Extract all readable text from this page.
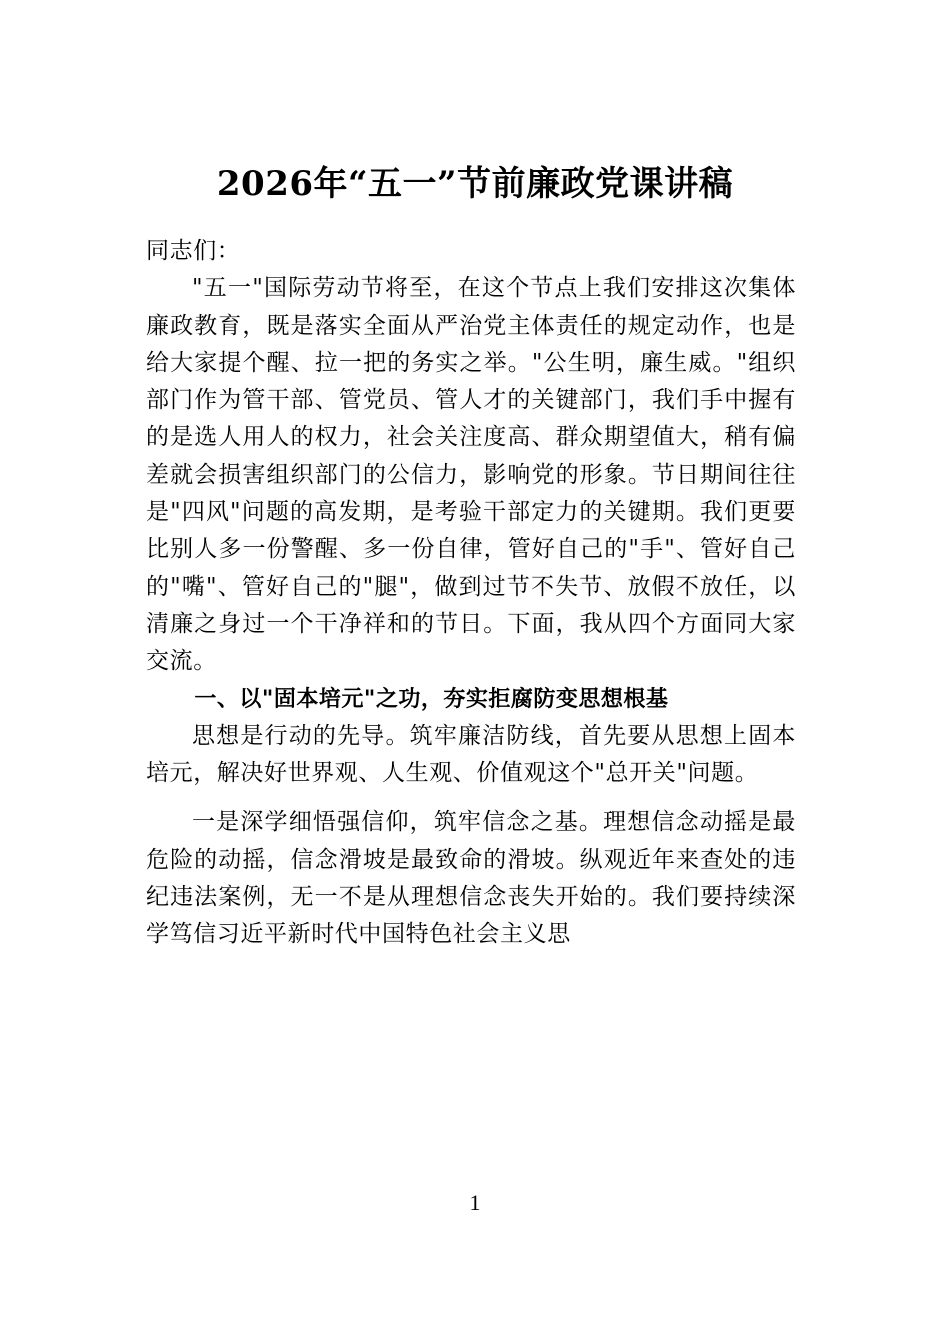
2026年“五一”节前廉政党课讲稿

同志们：

"五一"国际劳动节将至，在这个节点上我们安排这次集体廉政教育，既是落实全面从严治党主体责任的规定动作，也是给大家提个醒、拉一把的务实之举。"公生明，廉生威。"组织部门作为管干部、管党员、管人才的关键部门，我们手中握有的是选人用人的权力，社会关注度高、群众期望值大，稍有偏差就会损害组织部门的公信力，影响党的形象。节日期间往往是"四风"问题的高发期，是考验干部定力的关键期。我们更要比别人多一份警醒、多一份自律，管好自己的"手"、管好自己的"嘴"、管好自己的"腿"，做到过节不失节、放假不放任，以清廉之身过一个干净祥和的节日。下面，我从四个方面同大家交流。

一、以"固本培元"之功，夯实拒腐防变思想根基

思想是行动的先导。筑牢廉洁防线，首先要从思想上固本培元，解决好世界观、人生观、价值观这个"总开关"问题。

一是深学细悟强信仰，筑牢信念之基。理想信念动摇是最危险的动摇，信念滑坡是最致命的滑坡。纵观近年来查处的违纪违法案例，无一不是从理想信念丧失开始的。我们要持续深学笃信习近平新时代中国特色社会主义思

1
